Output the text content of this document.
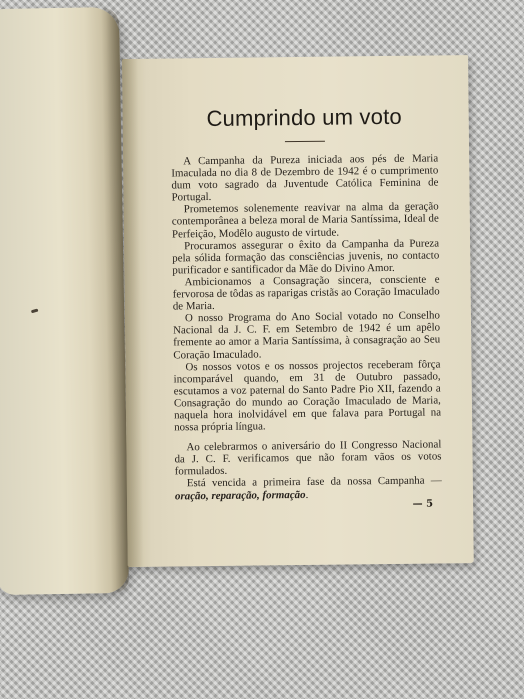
Cumprindo um voto

A Campanha da Pureza iniciada aos pés de Maria Imaculada no dia 8 de Dezembro de 1942 é o cumprimento dum voto sagrado da Juventude Católica Feminina de Portugal.

Prometemos solenemente reavivar na alma da geração contemporânea a beleza moral de Maria Santíssima, Ideal de Perfeição, Modêlo augusto de virtude.

Procuramos assegurar o êxito da Campanha da Pureza pela sólida formação das consciências juvenis, no contacto purificador e santificador da Mãe do Divino Amor.

Ambicionamos a Consagração sincera, consciente e fervorosa de tôdas as raparigas cristãs ao Coração Imaculado de Maria.

O nosso Programa do Ano Social votado no Conselho Nacional da J. C. F. em Setembro de 1942 é um apêlo fremente ao amor a Maria Santíssima, à consagração ao Seu Coração Imaculado.

Os nossos votos e os nossos projectos receberam fôrça incomparável quando, em 31 de Outubro passado, escutamos a voz paternal do Santo Padre Pio XII, fazendo a Consagração do mundo ao Coração Imaculado de Maria, naquela hora inolvidável em que falava para Portugal na nossa própria língua.

Ao celebrarmos o aniversário do II Congresso Nacional da J. C. F. verificamos que não foram vãos os votos formulados.

Está vencida a primeira fase da nossa Campanha — oração, reparação, formação.

— 5
